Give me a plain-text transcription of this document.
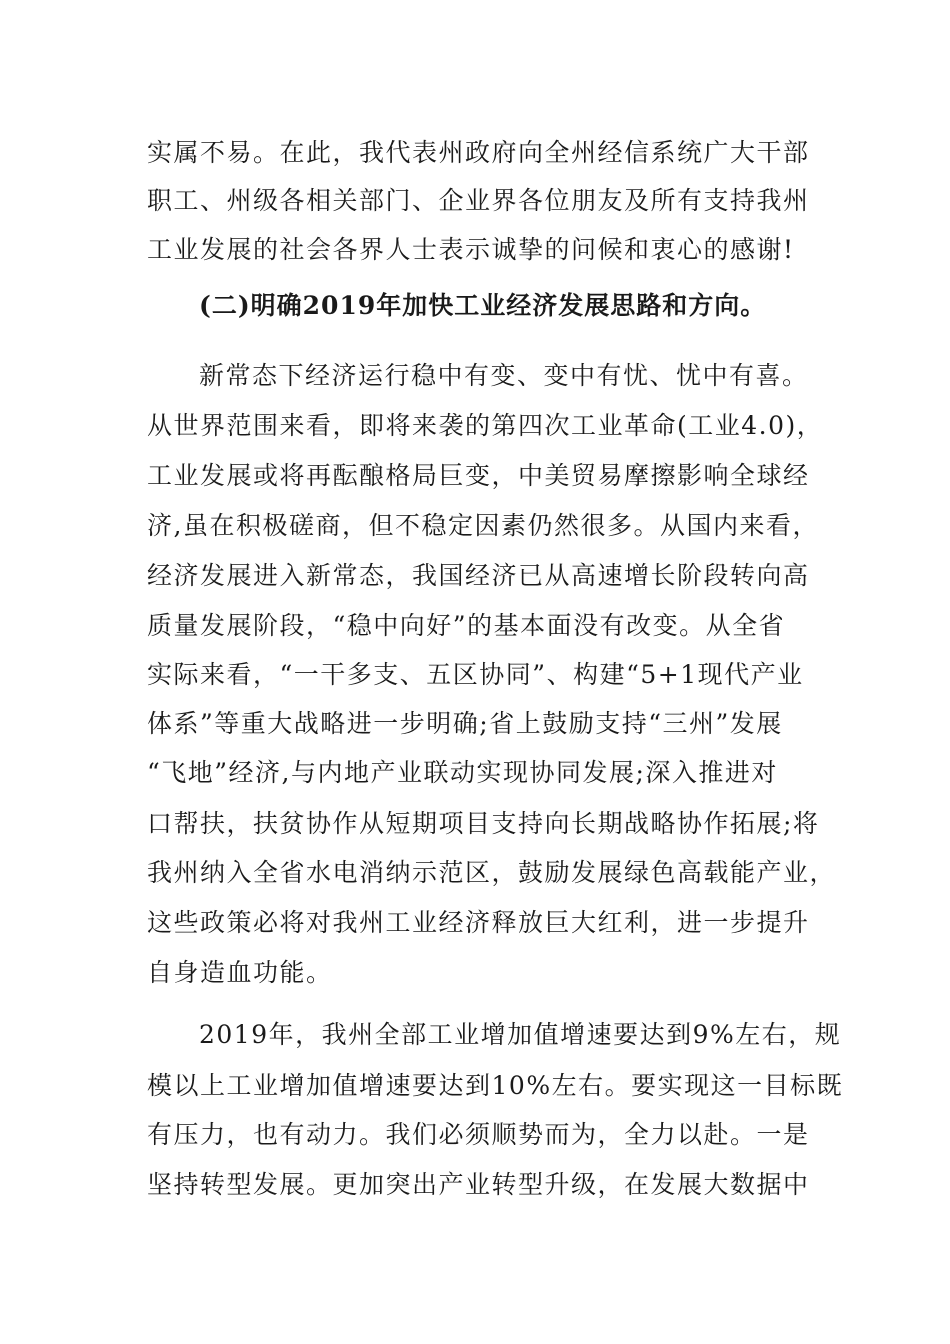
实属不易。在此，我代表州政府向全州经信系统广大干部
职工、州级各相关部门、企业界各位朋友及所有支持我州
工业发展的社会各界人士表示诚挚的问候和衷心的感谢!
(二)明确2019年加快工业经济发展思路和方向。
新常态下经济运行稳中有变、变中有忧、忧中有喜。
从世界范围来看，即将来袭的第四次工业革命(工业4.0)，
工业发展或将再酝酿格局巨变，中美贸易摩擦影响全球经
济,虽在积极磋商，但不稳定因素仍然很多。从国内来看，
经济发展进入新常态，我国经济已从高速增长阶段转向高
质量发展阶段，“稳中向好”的基本面没有改变。从全省
实际来看，“一干多支、五区协同”、构建“5+1现代产业
体系”等重大战略进一步明确;省上鼓励支持“三州”发展
“飞地”经济,与内地产业联动实现协同发展;深入推进对
口帮扶，扶贫协作从短期项目支持向长期战略协作拓展;将
我州纳入全省水电消纳示范区，鼓励发展绿色高载能产业，
这些政策必将对我州工业经济释放巨大红利，进一步提升
自身造血功能。
2019年，我州全部工业增加值增速要达到9%左右，规
模以上工业增加值增速要达到10%左右。要实现这一目标既
有压力，也有动力。我们必须顺势而为，全力以赴。一是
坚持转型发展。更加突出产业转型升级，在发展大数据中
